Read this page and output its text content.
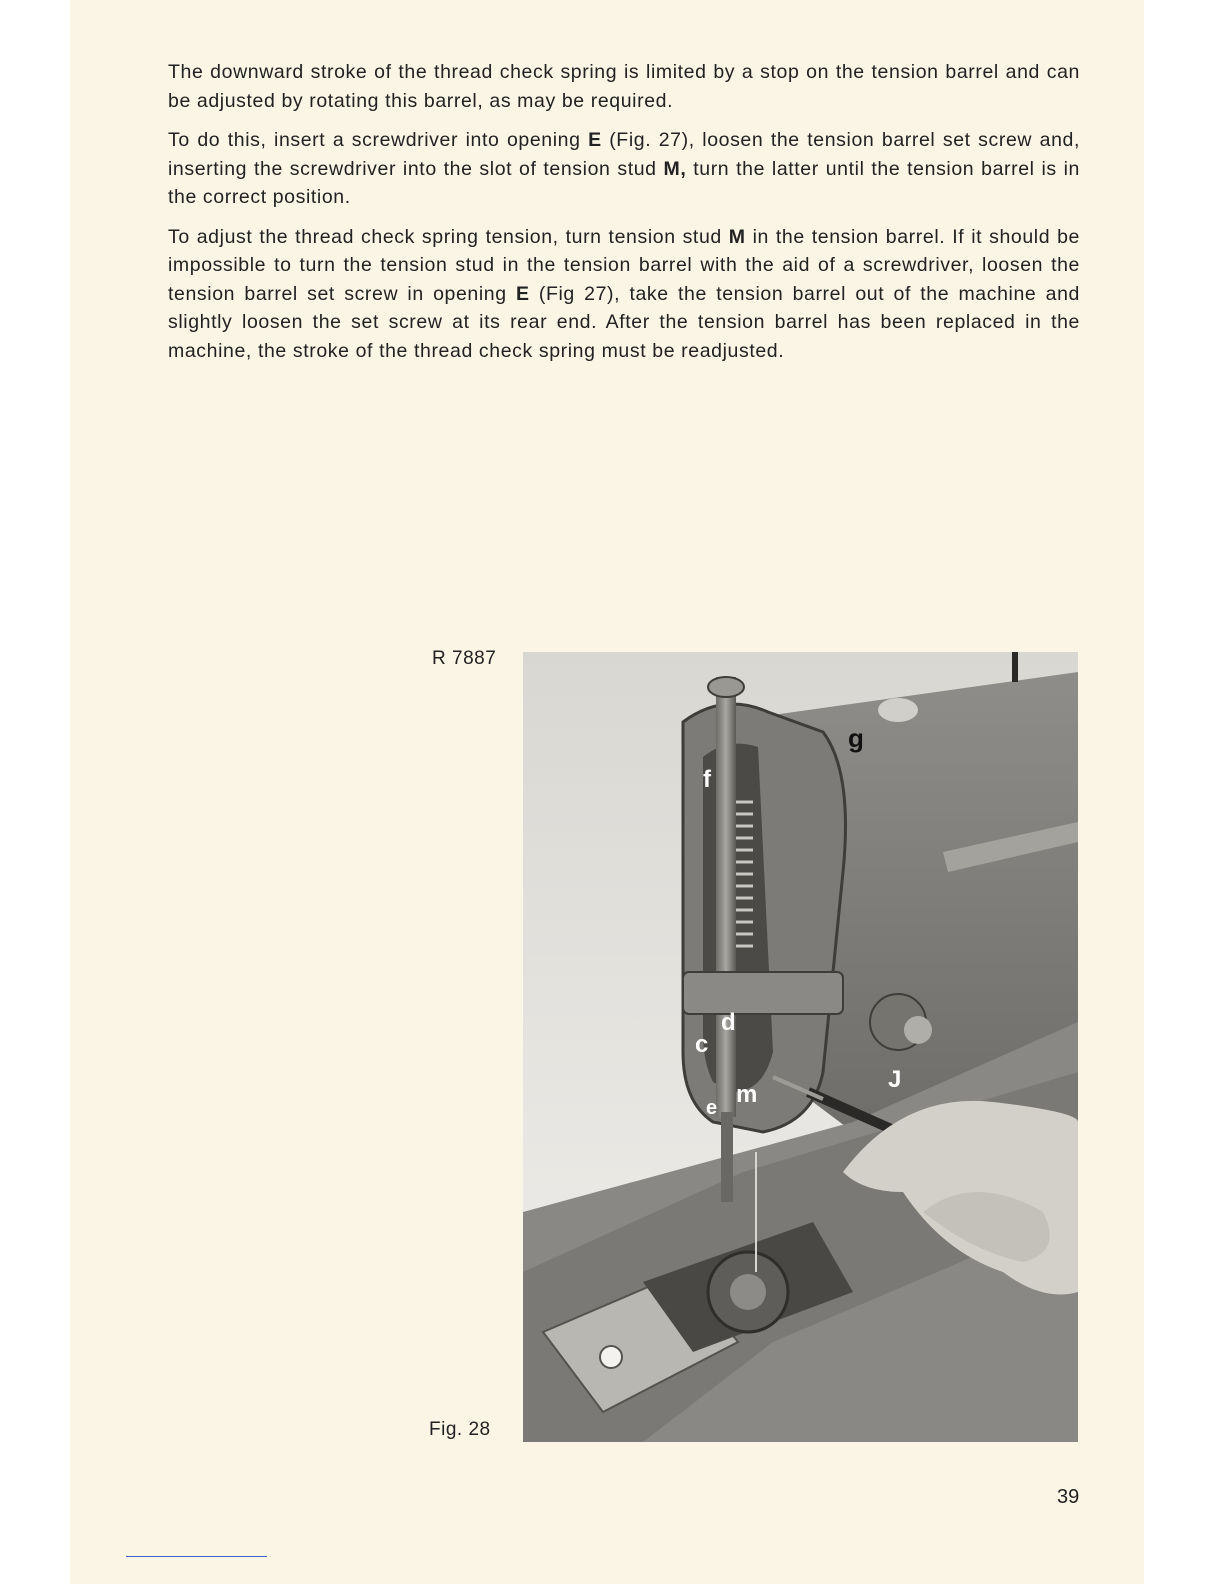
The downward stroke of the thread check spring is limited by a stop on the tension barrel and can be adjusted by rotating this barrel, as may be required.

To do this, insert a screwdriver into opening E (Fig. 27), loosen the tension barrel set screw and, inserting the screwdriver into the slot of tension stud M, turn the latter until the tension barrel is in the correct position.

To adjust the thread check spring tension, turn tension stud M in the tension barrel. If it should be impossible to turn the tension stud in the tension barrel with the aid of a screwdriver, loosen the tension barrel set screw in opening E (Fig 27), take the tension barrel out of the machine and slightly loosen the set screw at its rear end. After the tension barrel has been replaced in the machine, the stroke of the thread check spring must be readjusted.

R 7887
g
f
d
c
m
e
J
Fig. 28
39
